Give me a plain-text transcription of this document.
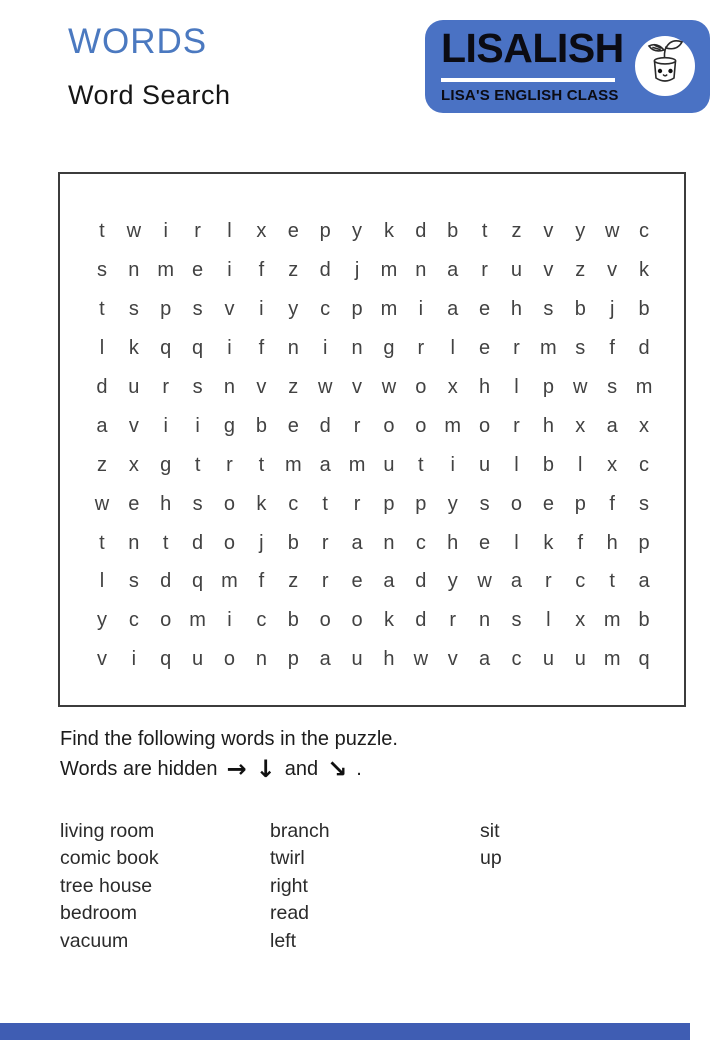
WORDS
Word Search
LISALISH
LISA'S ENGLISH CLASS
t w i r l x e p y k d b t z v y w c
s n m e i f z d j m n a r u v z v k
t s p s v i y c p m i a e h s b j b
l k q q i f n i n g r l e r m s f d
d u r s n v z w v w o x h l p w s m
a v i i g b e d r o o m o r h x a x
z x g t r t m a m u t i u l b l x c
w e h s o k c t r p p y s o e p f s
t n t d o j b r a n c h e l k f h p
l s d q m f z r e a d y w a r c t a
y c o m i c b o o k d r n s l x m b
v i q u o n p a u h w v a c u u m q
Find the following words in the puzzle.
Words are hidden → ↓ and ↘ .
living room
comic book
tree house
bedroom
vacuum
branch
twirl
right
read
left
sit
up
